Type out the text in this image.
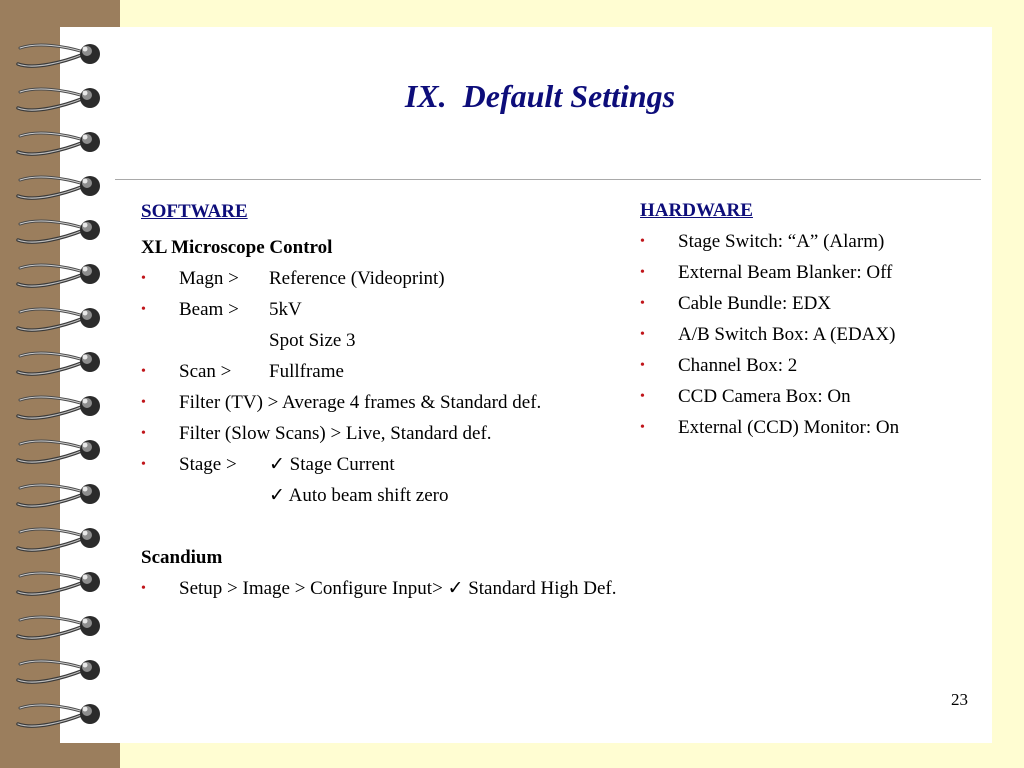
IX.  Default Settings
SOFTWARE
XL Microscope Control
• Magn > Reference (Videoprint)
• Beam > 5kV
Spot Size 3
• Scan > Fullframe
• Filter (TV) > Average 4 frames & Standard def.
• Filter (Slow Scans) > Live, Standard def.
• Stage > ✓ Stage Current
✓ Auto beam shift zero
Scandium
• Setup > Image > Configure Input> ✓ Standard High Def.
HARDWARE
• Stage Switch: “A” (Alarm)
• External Beam Blanker: Off
• Cable Bundle: EDX
• A/B Switch Box: A (EDAX)
• Channel Box: 2
• CCD Camera Box: On
• External (CCD) Monitor: On
23
